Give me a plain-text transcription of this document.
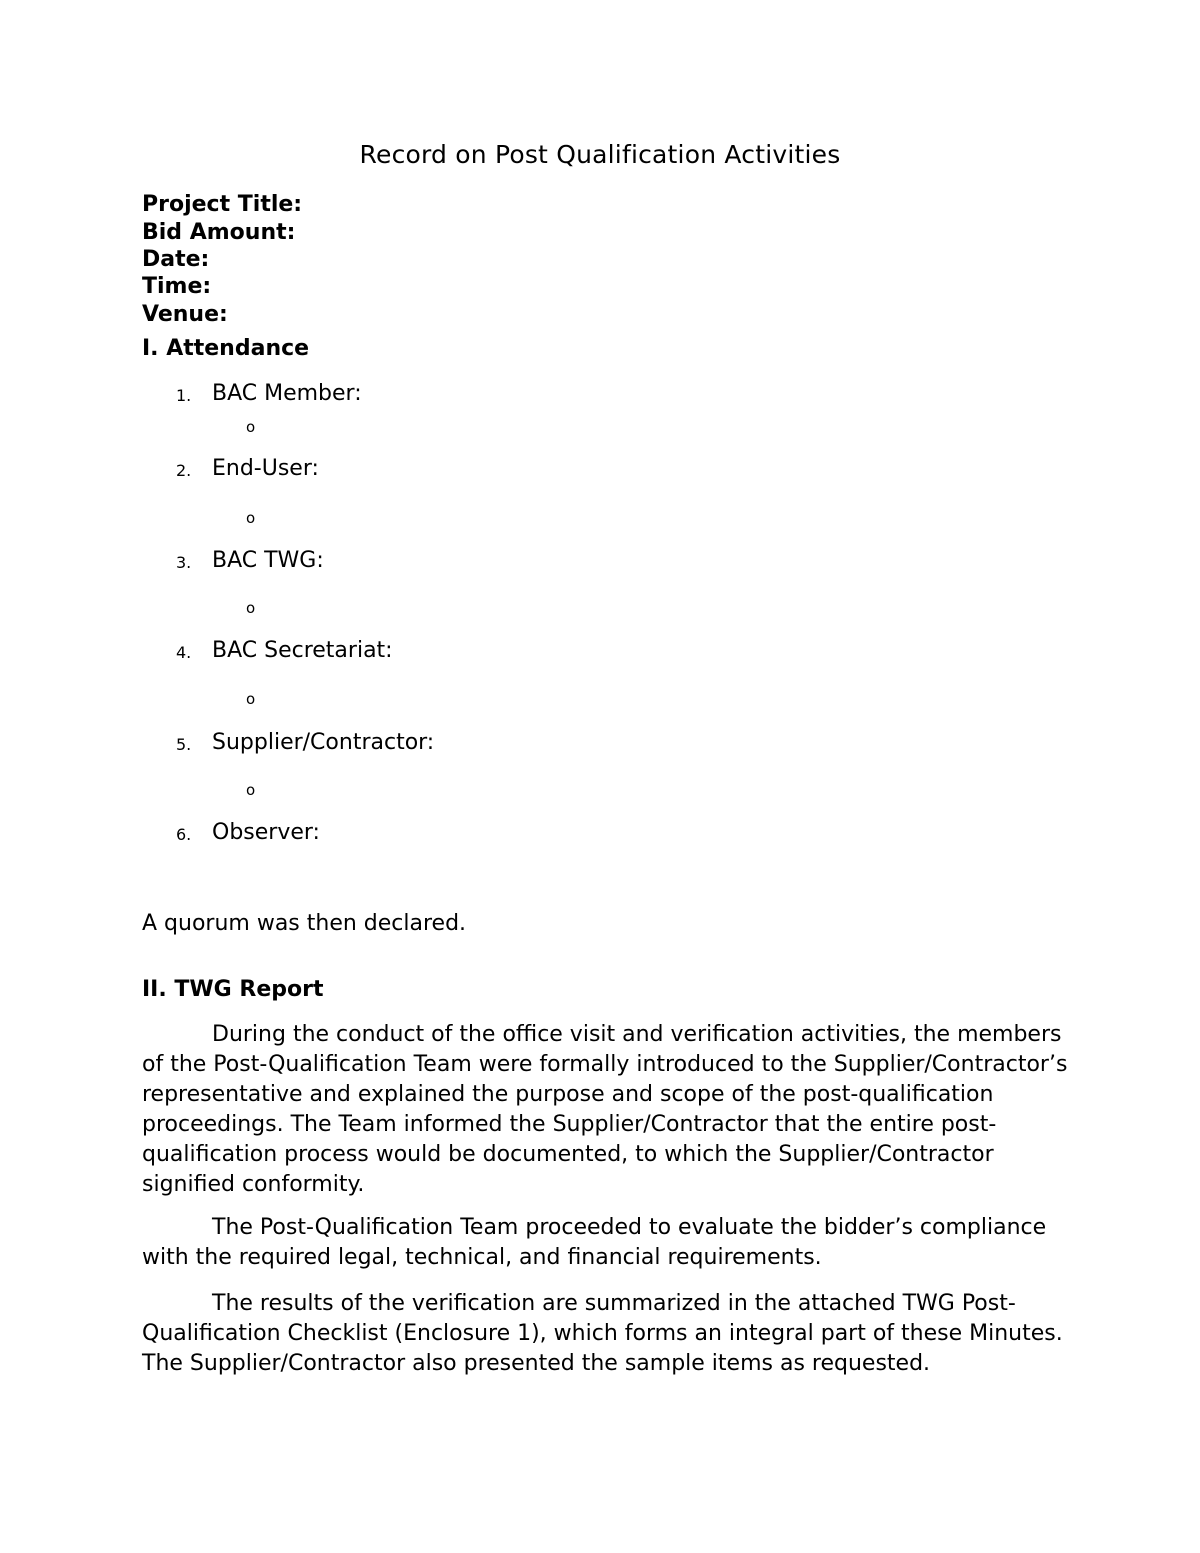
Record on Post Qualification Activities

Project Title:

Bid Amount:

Date:

Time:

Venue:

I. Attendance
1. BAC Member:
o
2. End-User:
o
3. BAC TWG:
o
4. BAC Secretariat:
o
5. Supplier/Contractor:
o
6. Observer:

A quorum was then declared.

II. TWG Report

During the conduct of the office visit and verification activities, the members of the Post-Qualification Team were formally introduced to the Supplier/Contractor’s representative and explained the purpose and scope of the post-qualification proceedings. The Team informed the Supplier/Contractor that the entire post-qualification process would be documented, to which the Supplier/Contractor signified conformity.

The Post-Qualification Team proceeded to evaluate the bidder’s compliance with the required legal, technical, and financial requirements.

The results of the verification are summarized in the attached TWG Post-Qualification Checklist (Enclosure 1), which forms an integral part of these Minutes. The Supplier/Contractor also presented the sample items as requested.
